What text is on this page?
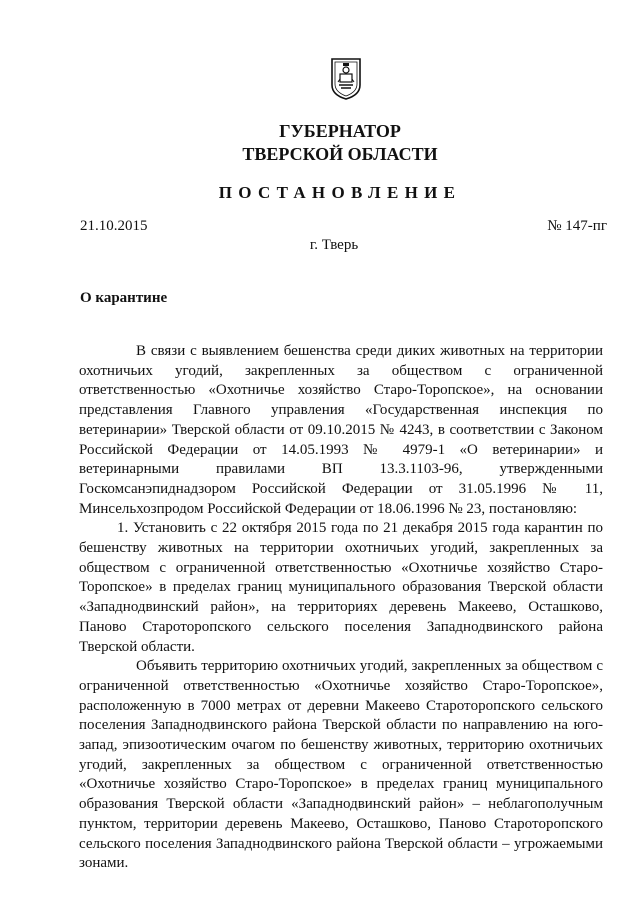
ГУБЕРНАТОР
ТВЕРСКОЙ ОБЛАСТИ
ПОСТАНОВЛЕНИЕ
21.10.2015	№ 147-пг
г. Тверь
О карантине

В связи с выявлением бешенства среди диких животных на территории охотничьих угодий, закрепленных за обществом с ограниченной ответственностью «Охотничье хозяйство Старо-Торопское», на основании представления Главного управления «Государственная инспекция по ветеринарии» Тверской области от 09.10.2015 № 4243, в соответствии с Законом Российской Федерации от 14.05.1993 № 4979-1 «О ветеринарии» и ветеринарными правилами ВП 13.3.1103-96, утвержденными Госкомсанэпиднадзором Российской Федерации от 31.05.1996 № 11, Минсельхозпродом Российской Федерации от 18.06.1996 № 23, постановляю:

1. Установить с 22 октября 2015 года по 21 декабря 2015 года карантин по бешенству животных на территории охотничьих угодий, закрепленных за обществом с ограниченной ответственностью «Охотничье хозяйство Старо-Торопское» в пределах границ муниципального образования Тверской области «Западнодвинский район», на территориях деревень Макеево, Осташково, Паново Старотoропского сельского поселения Западнодвинского района Тверской области.

Объявить территорию охотничьих угодий, закрепленных за обществом с ограниченной ответственностью «Охотничье хозяйство Старо-Торопское», расположенную в 7000 метрах от деревни Макеево Старотoропского сельского поселения Западнодвинского района Тверской области по направлению на юго-запад, эпизоотическим очагом по бешенству животных, территорию охотничьих угодий, закрепленных за обществом с ограниченной ответственностью «Охотничье хозяйство Старо-Торопское» в пределах границ муниципального образования Тверской области «Западнодвинский район» – неблагополучным пунктом, территории деревень Макеево, Осташково, Паново Старотoропского сельского поселения Западнодвинского района Тверской области – угрожаемыми зонами.
